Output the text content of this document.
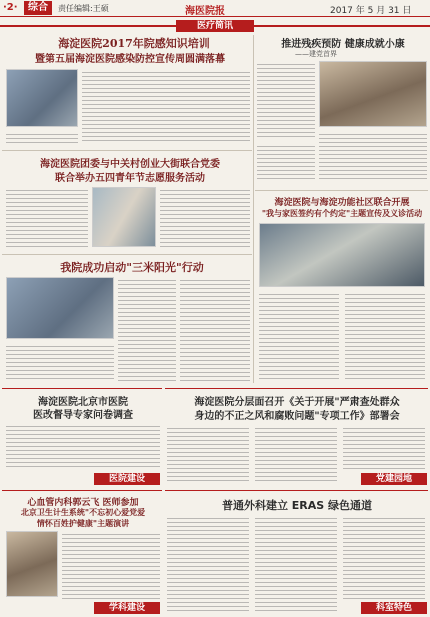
·2·	综合	责任编辑:王硕	海医院报	2017 年 5 月 31 日
医疗简讯
海淀医院2017年院感知识培训
暨第五届海淀医院感染防控宣传周圆满落幕
推进残疾预防 健康成就小康
——建党首界
海淀医院团委与中关村创业大街联合党委
联合举办五四青年节志愿服务活动
海淀医院与海淀功能社区联合开展
"我与家医签约有个约定"主题宣传及义诊活动
我院成功启动"三米阳光"行动
海淀医院北京市医院
医改督导专家问卷调查
医院建设
海淀医院分层面召开《关于开展"严肃查处群众
身边的不正之风和腐败问题"专项工作》部署会
党建园地
心血管内科郭云飞 医师参加
北京卫生计生系统"不忘初心爱党爱
情怀百姓护健康"主题演讲
学科建设
普通外科建立 ERAS 绿色通道
科室特色
